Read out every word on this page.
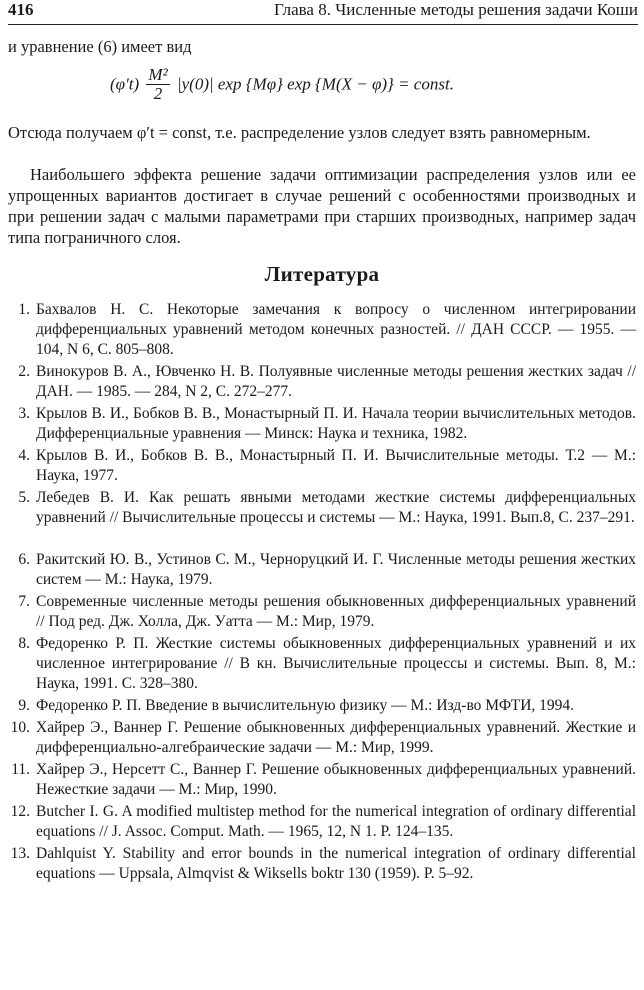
416	Глава 8. Численные методы решения задачи Коши
и уравнение (6) имеет вид
$(\varphi't) \frac{\text{M²}}{2} |y(0)|$ exp {Mφ} exp {M(X − φ)} = const.
Отсюда получаем φ′t = const, т.е. распределение узлов следует взять равномерным.
Наибольшего эффекта решение задачи оптимизации распределения узлов или ее упрощенных вариантов достигает в случае решений с особенностями производных и при решении задач с малыми параметрами при старших производных, например задач типа пограничного слоя.
Литература
1. Бахвалов Н. С. Некоторые замечания к вопросу о численном интегрировании дифференциальных уравнений методом конечных разностей. // ДАН СССР. — 1955. — 104, N 6, С. 805–808.
2. Винокуров В. А., Ювченко Н. В. Полуявные численные методы решения жестких задач // ДАН. — 1985. — 284, N 2, С. 272–277.
3. Крылов В. И., Бобков В. В., Монастырный П. И. Начала теории вычислительных методов. Дифференциальные уравнения — Минск: Наука и техника, 1982.
4. Крылов В. И., Бобков В. В., Монастырный П. И. Вычислительные методы. Т.2 — М.: Наука, 1977.
5. Лебедев В. И. Как решать явными методами жесткие системы дифференциальных уравнений // Вычислительные процессы и системы — М.: Наука, 1991. Вып.8, С. 237–291.
6. Ракитский Ю. В., Устинов С. М., Черноруцкий И. Г. Численные методы решения жестких систем — М.: Наука, 1979.
7. Современные численные методы решения обыкновенных дифференциальных уравнений // Под ред. Дж. Холла, Дж. Уатта — М.: Мир, 1979.
8. Федоренко Р. П. Жесткие системы обыкновенных дифференциальных уравнений и их численное интегрирование // В кн. Вычислительные процессы и системы. Вып. 8, М.: Наука, 1991. С. 328–380.
9. Федоренко Р. П. Введение в вычислительную физику — М.: Изд-во МФТИ, 1994.
10. Хайрер Э., Ваннер Г. Решение обыкновенных дифференциальных уравнений. Жесткие и дифференциально-алгебраические задачи — М.: Мир, 1999.
11. Хайрер Э., Нерсетт С., Ваннер Г. Решение обыкновенных дифференциальных уравнений. Нежесткие задачи — М.: Мир, 1990.
12. Butcher I. G. A modified multistep method for the numerical integration of ordinary differential equations // J. Assoc. Comput. Math. — 1965, 12, N 1. P. 124–135.
13. Dahlquist Y. Stability and error bounds in the numerical integration of ordinary differential equations — Uppsala, Almqvist & Wiksells boktr 130 (1959). P. 5–92.
